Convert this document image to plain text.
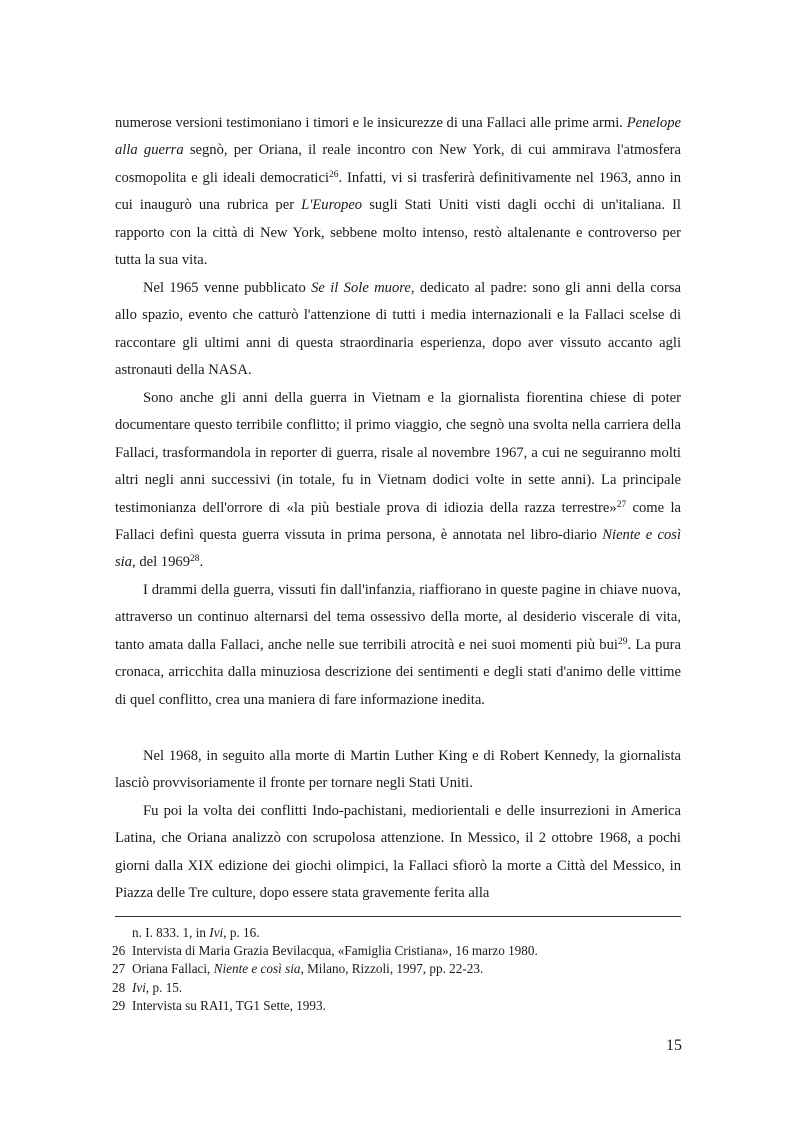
numerose versioni testimoniano i timori e le insicurezze di una Fallaci alle prime armi. Penelope alla guerra segnò, per Oriana, il reale incontro con New York, di cui ammirava l'atmosfera cosmopolita e gli ideali democratici$^{26}$. Infatti, vi si trasferirà definitivamente nel 1963, anno in cui inaugurò una rubrica per L'Europeo sugli Stati Uniti visti dagli occhi di un'italiana. Il rapporto con la città di New York, sebbene molto intenso, restò altalenante e controverso per tutta la sua vita.

Nel 1965 venne pubblicato Se il Sole muore, dedicato al padre: sono gli anni della corsa allo spazio, evento che catturò l'attenzione di tutti i media internazionali e la Fallaci scelse di raccontare gli ultimi anni di questa straordinaria esperienza, dopo aver vissuto accanto agli astronauti della NASA.

Sono anche gli anni della guerra in Vietnam e la giornalista fiorentina chiese di poter documentare questo terribile conflitto; il primo viaggio, che segnò una svolta nella carriera della Fallaci, trasformandola in reporter di guerra, risale al novembre 1967, a cui ne seguiranno molti altri negli anni successivi (in totale, fu in Vietnam dodici volte in sette anni). La principale testimonianza dell'orrore di «la più bestiale prova di idiozia della razza terrestre»$^{27}$ come la Fallaci definì questa guerra vissuta in prima persona, è annotata nel libro-diario Niente e così sia, del 1969$^{28}$.

I drammi della guerra, vissuti fin dall'infanzia, riaffiorano in queste pagine in chiave nuova, attraverso un continuo alternarsi del tema ossessivo della morte, al desiderio viscerale di vita, tanto amata dalla Fallaci, anche nelle sue terribili atrocità e nei suoi momenti più bui$^{29}$. La pura cronaca, arricchita dalla minuziosa descrizione dei sentimenti e degli stati d'animo delle vittime di quel conflitto, crea una maniera di fare informazione inedita.

Nel 1968, in seguito alla morte di Martin Luther King e di Robert Kennedy, la giornalista lasciò provvisoriamente il fronte per tornare negli Stati Uniti.

Fu poi la volta dei conflitti Indo-pachistani, mediorientali e delle insurrezioni in America Latina, che Oriana analizzò con scrupolosa attenzione. In Messico, il 2 ottobre 1968, a pochi giorni dalla XIX edizione dei giochi olimpici, la Fallaci sfiorò la morte a Città del Messico, in Piazza delle Tre culture, dopo essere stata gravemente ferita alla

n. I. 833. 1, in Ivi, p. 16.
26 Intervista di Maria Grazia Bevilacqua, «Famiglia Cristiana», 16 marzo 1980.
27 Oriana Fallaci, Niente e così sia, Milano, Rizzoli, 1997, pp. 22-23.
28 Ivi, p. 15.
29 Intervista su RAI1, TG1 Sette, 1993.
15
